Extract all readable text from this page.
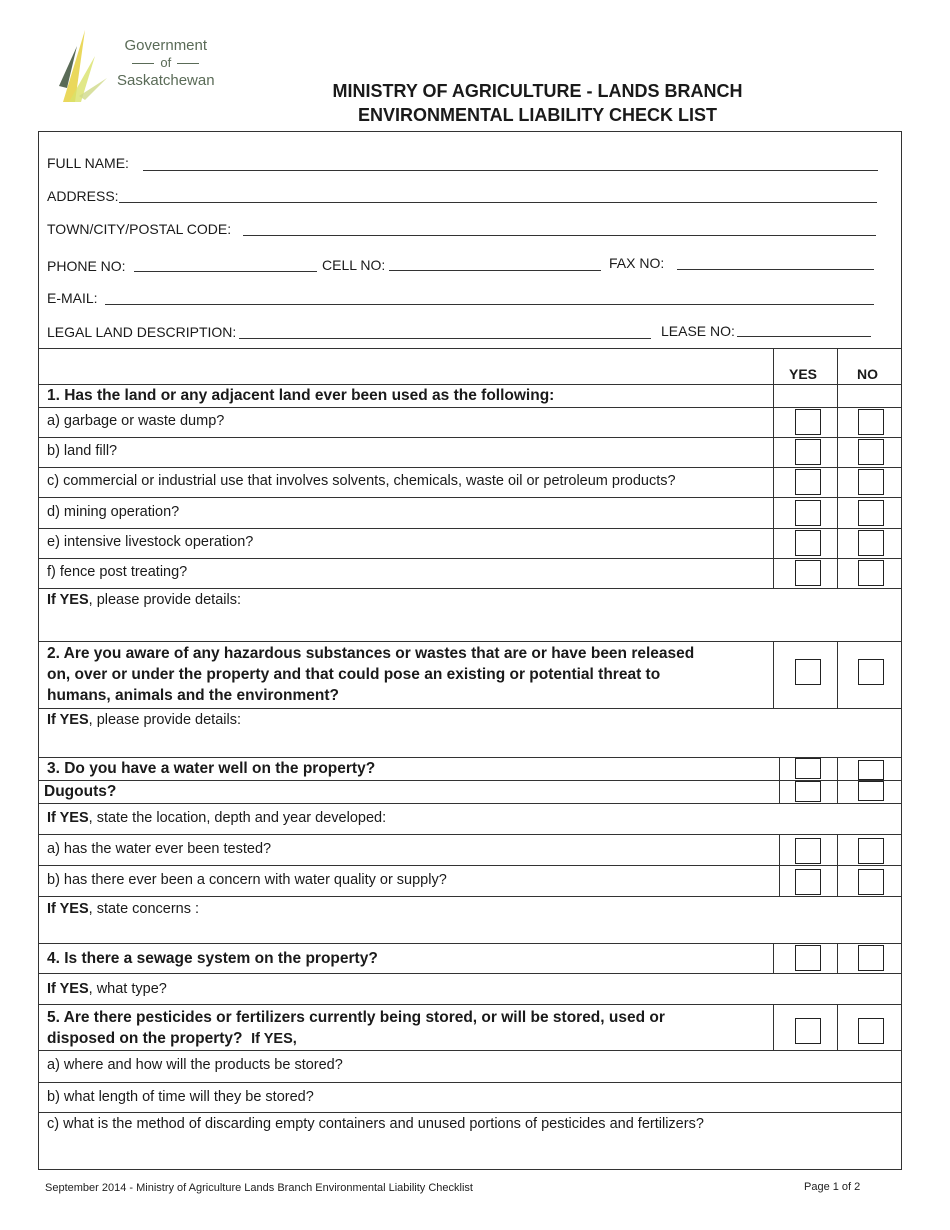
Government
of
Saskatchewan
MINISTRY OF AGRICULTURE - LANDS BRANCH
ENVIRONMENTAL LIABILITY CHECK LIST
FULL NAME:
ADDRESS:
TOWN/CITY/POSTAL CODE:
PHONE NO:	CELL NO:	FAX NO:
E-MAIL:
LEGAL LAND DESCRIPTION:	LEASE NO:
YES	NO
1. Has the land or any adjacent land ever been used as the following:
a) garbage or waste dump?
b) land fill?
c) commercial or industrial use that involves solvents, chemicals, waste oil or petroleum products?
d) mining operation?
e) intensive livestock operation?
f) fence post treating?
If YES, please provide details:
2. Are you aware of any hazardous substances or wastes that are or have been released
on, over or under the property and that could pose an existing or potential threat to
humans, animals and the environment?
If YES, please provide details:
3. Do you have a water well on the property?
Dugouts?
If YES, state the location, depth and year developed:
a) has the water ever been tested?
b) has there ever been a concern with water quality or supply?
If YES, state concerns :
4. Is there a sewage system on the property?
If YES, what type?
5. Are there pesticides or fertilizers currently being stored, or will be stored, used or
disposed on the property? If YES,
a) where and how will the products be stored?
b) what length of time will they be stored?
c) what is the method of discarding empty containers and unused portions of pesticides and fertilizers?
September 2014 - Ministry of Agriculture Lands Branch Environmental Liability Checklist	Page 1 of 2
